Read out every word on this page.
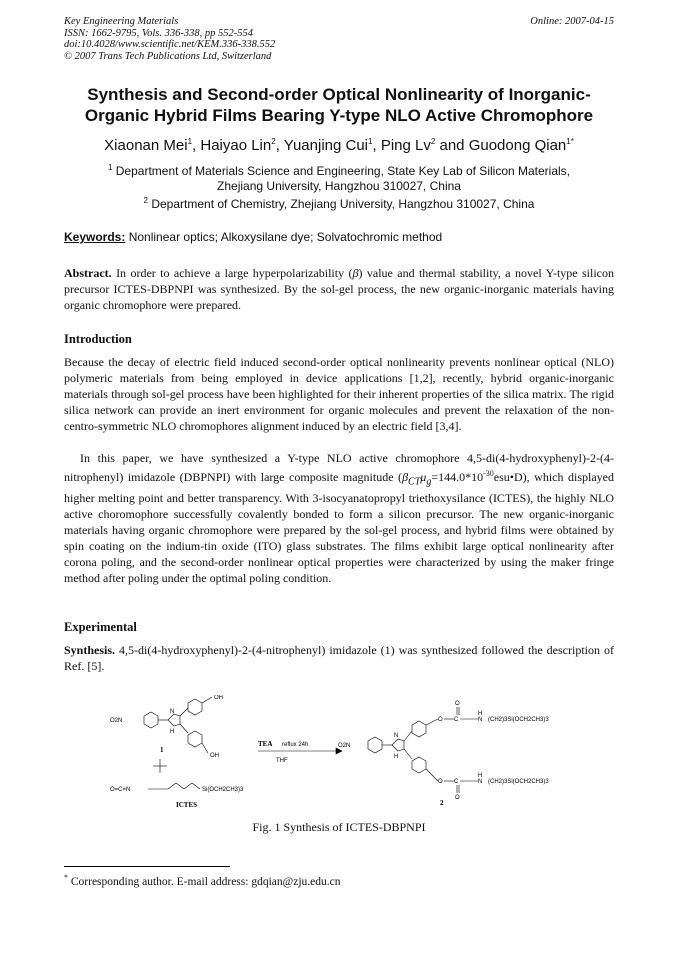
Key Engineering Materials
ISSN: 1662-9795, Vols. 336-338, pp 552-554
doi:10.4028/www.scientific.net/KEM.336-338.552
© 2007 Trans Tech Publications Ltd, Switzerland
Online: 2007-04-15
Synthesis and Second-order Optical Nonlinearity of Inorganic-
Organic Hybrid Films Bearing Y-type NLO Active Chromophore
Xiaonan Mei$^1$, Haiyao Lin$^2$, Yuanjing Cui$^1$, Ping Lv$^2$ and Guodong Qian$^{1*}$
$^1$ Department of Materials Science and Engineering, State Key Lab of Silicon Materials,
Zhejiang University, Hangzhou 310027, China
$^2$ Department of Chemistry, Zhejiang University, Hangzhou 310027, China
Keywords: Nonlinear optics; Alkoxysilane dye; Solvatochromic method

Abstract. In order to achieve a large hyperpolarizability (β) value and thermal stability, a novel Y-type silicon precursor ICTES-DBPNPI was synthesized. By the sol-gel process, the new organic-inorganic materials having organic chromophore were prepared.

Introduction

Because the decay of electric field induced second-order optical nonlinearity prevents nonlinear optical (NLO) polymeric materials from being employed in device applications [1,2], recently, hybrid organic-inorganic materials through sol-gel process have been highlighted for their inherent properties of the silica matrix. The rigid silica network can provide an inert environment for organic molecules and prevent the relaxation of the non-centro-symmetric NLO chromophores alignment induced by an electric field [3,4].

In this paper, we have synthesized a Y-type NLO active chromophore 4,5-di(4-hydroxyphenyl)-2-(4-nitrophenyl) imidazole (DBPNPI) with large composite magnitude $(\beta_{CT}\mu_g=144.0*10^{-30}esu•D)$, which displayed higher melting point and better transparency. With 3-isocyanatopropyl triethoxysilance (ICTES), the highly NLO active choromophore successfully covalently bonded to form a silicon precursor. The new organic-inorganic materials having organic chromophore were prepared by the sol-gel process, and hybrid films were obtained by spin coating on the indium-tin oxide (ITO) glass substrates. The films exhibit large optical nonlinearity after corona poling, and the second-order nonlinear optical properties were characterized by using the maker fringe method after poling under the optimal poling condition.

Experimental

Synthesis. 4,5-di(4-hydroxyphenyl)-2-(4-nitrophenyl) imidazole (1) was synthesized followed the description of Ref. [5].

O2N
OH
OH
N
H
1
O=C=N	Si(OCH2CH3)3
ICTES
TEA reflux 24h
THF
O2N
N
H
O C
O
H
N (CH2)3Si(OCH2CH3)3
O C
O
H
N (CH2)3Si(OCH2CH3)3
2
Fig. 1 Synthesis of ICTES-DBPNPI
* Corresponding author. E-mail address: gdqian@zju.edu.cn
